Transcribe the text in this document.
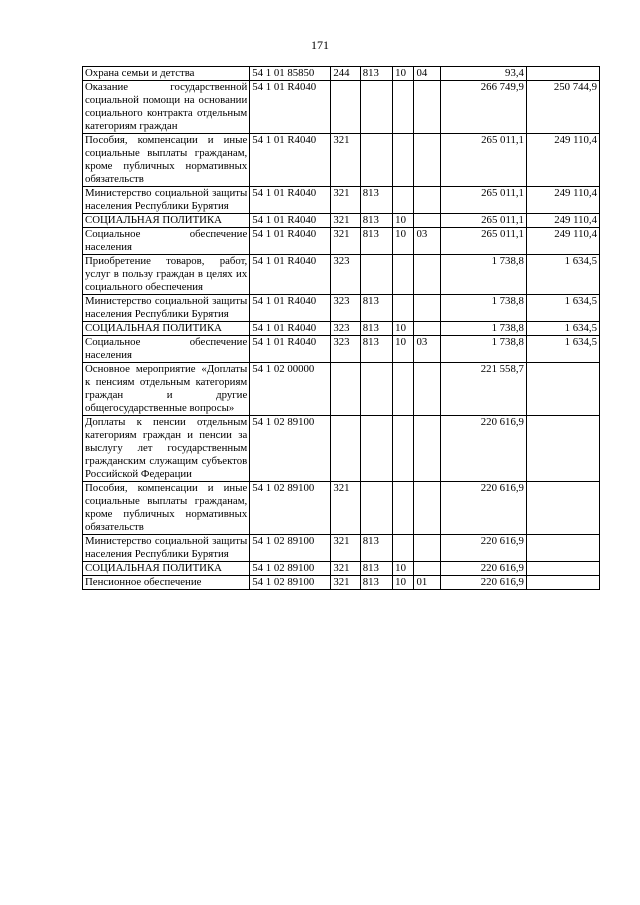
171
Охрана семьи и детства	54 1 01 85850	244	813	10	04	93,4	
Оказание государственной социальной помощи на основании социального контракта отдельным категориям граждан	54 1 01 R4040					266 749,9	250 744,9
Пособия, компенсации и иные социальные выплаты гражданам, кроме публичных нормативных обязательств	54 1 01 R4040	321				265 011,1	249 110,4
Министерство социальной защиты населения Республики Бурятия	54 1 01 R4040	321	813			265 011,1	249 110,4
СОЦИАЛЬНАЯ ПОЛИТИКА	54 1 01 R4040	321	813	10		265 011,1	249 110,4
Социальное обеспечение населения	54 1 01 R4040	321	813	10	03	265 011,1	249 110,4
Приобретение товаров, работ, услуг в пользу граждан в целях их социального обеспечения	54 1 01 R4040	323				1 738,8	1 634,5
Министерство социальной защиты населения Республики Бурятия	54 1 01 R4040	323	813			1 738,8	1 634,5
СОЦИАЛЬНАЯ ПОЛИТИКА	54 1 01 R4040	323	813	10		1 738,8	1 634,5
Социальное обеспечение населения	54 1 01 R4040	323	813	10	03	1 738,8	1 634,5
Основное мероприятие «Доплаты к пенсиям отдельным категориям граждан и другие общегосударственные вопросы»	54 1 02 00000					221 558,7	
Доплаты к пенсии отдельным категориям граждан и пенсии за выслугу лет государственным гражданским служащим субъектов Российской Федерации	54 1 02 89100					220 616,9	
Пособия, компенсации и иные социальные выплаты гражданам, кроме публичных нормативных обязательств	54 1 02 89100	321				220 616,9	
Министерство социальной защиты населения Республики Бурятия	54 1 02 89100	321	813			220 616,9	
СОЦИАЛЬНАЯ ПОЛИТИКА	54 1 02 89100	321	813	10		220 616,9	
Пенсионное обеспечение	54 1 02 89100	321	813	10	01	220 616,9	
